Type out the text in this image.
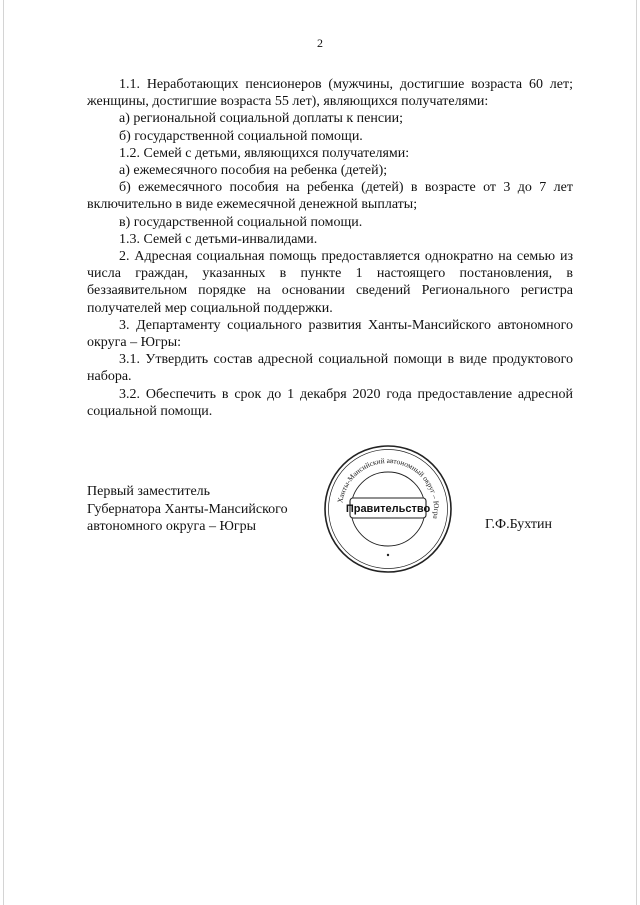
2

1.1. Неработающих пенсионеров (мужчины, достигшие возраста 60 лет; женщины, достигшие возраста 55 лет), являющихся получателями:

а) региональной социальной доплаты к пенсии;

б) государственной социальной помощи.

1.2. Семей с детьми, являющихся получателями:

а) ежемесячного пособия на ребенка (детей);

б) ежемесячного пособия на ребенка (детей) в возрасте от 3 до 7 лет включительно в виде ежемесячной денежной выплаты;

в) государственной социальной помощи.

1.3. Семей с детьми-инвалидами.

2. Адресная социальная помощь предоставляется однократно на семью из числа граждан, указанных в пункте 1 настоящего постановления, в беззаявительном порядке на основании сведений Регионального регистра получателей мер социальной поддержки.

3. Департаменту социального развития Ханты-Мансийского автономного округа – Югры:

3.1. Утвердить состав адресной социальной помощи в виде продуктового набора.

3.2. Обеспечить в срок до 1 декабря 2020 года предоставление адресной социальной помощи.

Первый заместитель
Губернатора Ханты-Мансийского
автономного округа – Югры
Ханты-Мансийский автономный округ – Югра
Правительство
Г.Ф.Бухтин
